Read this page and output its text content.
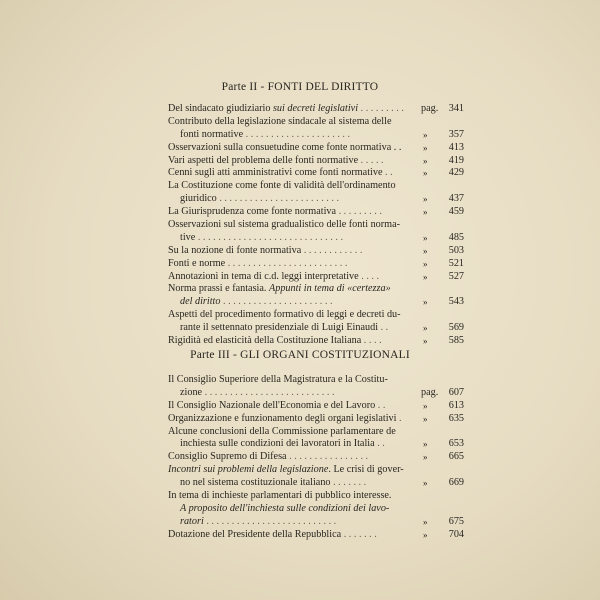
Parte II - FONTI DEL DIRITTO
Del sindacato giudiziario sui decreti legislativi . . . . . . . . . pag. 341
Contributo della legislazione sindacale al sistema delle
fonti normative . . . . . . . . . . . . . . . . . . . . .	» 357
Osservazioni sulla consuetudine come fonte normativa . . » 413
Vari aspetti del problema delle fonti normative . . . . .	» 419
Cenni sugli atti amministrativi come fonti normative . .	» 429
La Costituzione come fonte di validità dell'ordinamento
giuridico . . . . . . . . . . . . . . . . . . . . . . . .	» 437
La Giurisprudenza come fonte normativa . . . . . . . . .	» 459
Osservazioni sul sistema gradualistico delle fonti norma-
tive . . . . . . . . . . . . . . . . . . . . . . . . . . . . .	» 485
Su la nozione di fonte normativa . . . . . . . . . . . .	» 503
Fonti e norme . . . . . . . . . . . . . . . . . . . . . . . .	» 521
Annotazioni in tema di c.d. leggi interpretative . . . .	» 527
Norma prassi e fantasia. Appunti in tema di «certezza»
del diritto . . . . . . . . . . . . . . . . . . . . . .	» 543
Aspetti del procedimento formativo di leggi e decreti du-
rante il settennato presidenziale di Luigi Einaudi . .	» 569
Rigidità ed elasticità della Costituzione Italiana . . . .	» 585
Parte III - GLI ORGANI COSTITUZIONALI
Il Consiglio Superiore della Magistratura e la Costitu-
zione . . . . . . . . . . . . . . . . . . . . . . . . . .	pag. 607
Il Consiglio Nazionale dell'Economia e del Lavoro . .	» 613
Organizzazione e funzionamento degli organi legislativi . » 635
Alcune conclusioni della Commissione parlamentare de
inchiesta sulle condizioni dei lavoratori in Italia . .	» 653
Consiglio Supremo di Difesa . . . . . . . . . . . . . . . .	» 665
Incontri sui problemi della legislazione. Le crisi di gover-
no nel sistema costituzionale italiano . . . . . . .	» 669
In tema di inchieste parlamentari di pubblico interesse.
A proposito dell'inchiesta sulle condizioni dei lavo-
ratori . . . . . . . . . . . . . . . . . . . . . . . . . .	» 675
Dotazione del Presidente della Repubblica . . . . . . .	» 704
